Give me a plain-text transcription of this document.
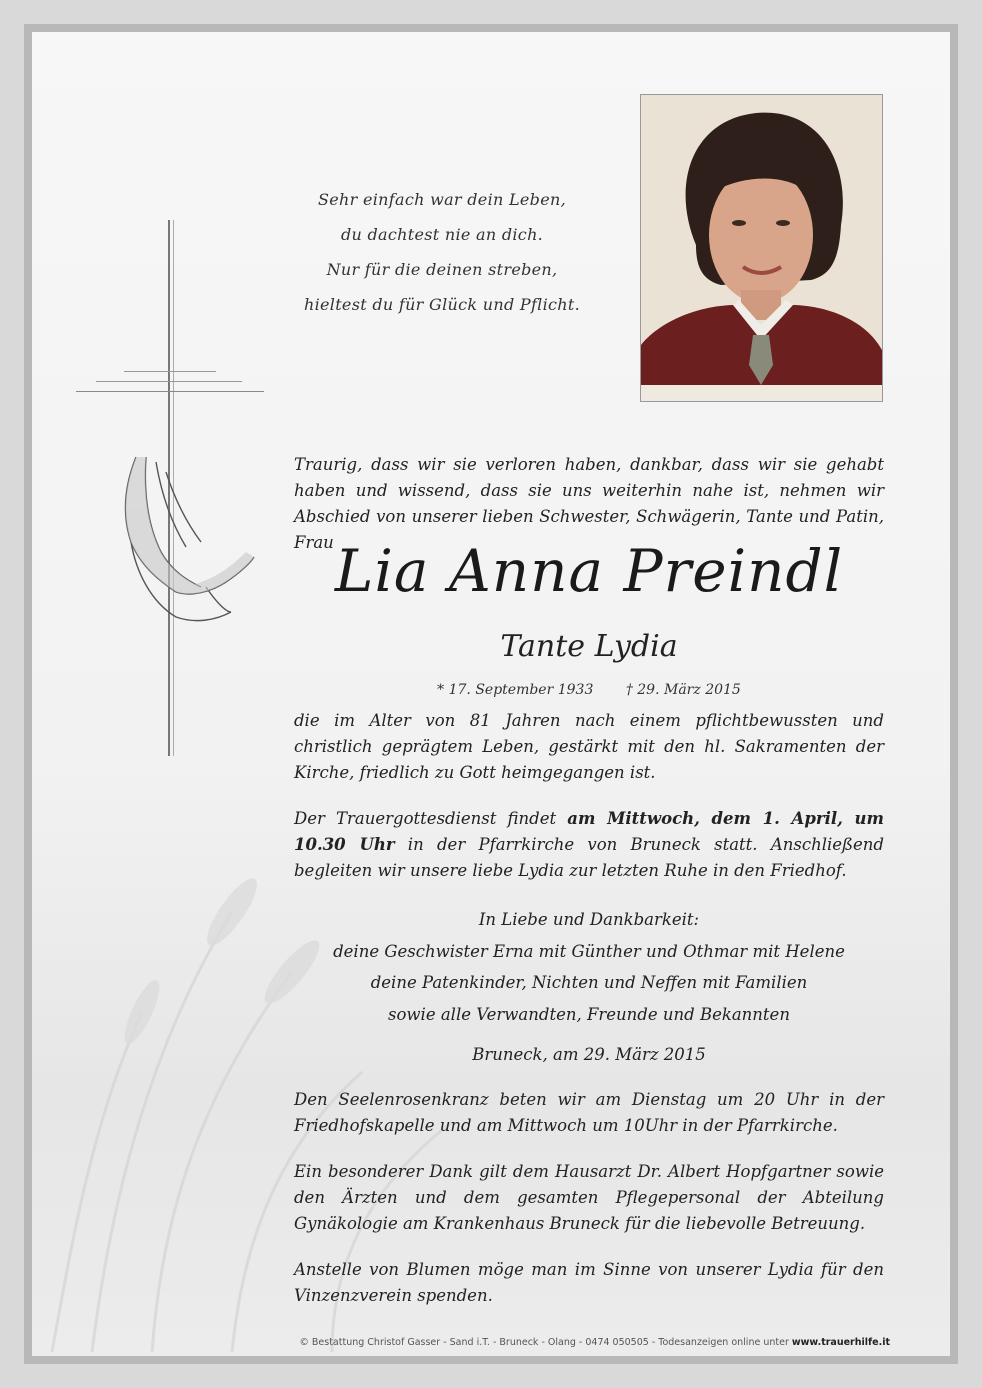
Sehr einfach war dein Leben,
du dachtest nie an dich.
Nur für die deinen streben,
hieltest du für Glück und Pflicht.
Traurig, dass wir sie verloren haben, dankbar, dass wir sie gehabt haben und wissend, dass sie uns weiterhin nahe ist, nehmen wir Abschied von unserer lieben Schwester, Schwägerin, Tante und Patin, Frau Lia Anna Preindl
Tante Lydia
* 17. September 1933 † 29. März 2015
die im Alter von 81 Jahren nach einem pflichtbewussten und christlich geprägtem Leben, gestärkt mit den hl. Sakramenten der Kirche, friedlich zu Gott heimgegangen ist.
Der Trauergottesdienst findet am Mittwoch, dem 1. April, um 10.30 Uhr in der Pfarrkirche von Bruneck statt. Anschließend begleiten wir unsere liebe Lydia zur letzten Ruhe in den Friedhof.
In Liebe und Dankbarkeit:
deine Geschwister Erna mit Günther und Othmar mit Helene
deine Patenkinder, Nichten und Neffen mit Familien
sowie alle Verwandten, Freunde und Bekannten
Bruneck, am 29. März 2015
Den Seelenrosenkranz beten wir am Dienstag um 20 Uhr in der Friedhofskapelle und am Mittwoch um 10Uhr in der Pfarrkirche.
Ein besonderer Dank gilt dem Hausarzt Dr. Albert Hopfgartner sowie den Ärzten und dem gesamten Pflegepersonal der Abteilung Gynäkologie am Krankenhaus Bruneck für die liebevolle Betreuung.
Anstelle von Blumen möge man im Sinne von unserer Lydia für den Vinzenzverein spenden.
© Bestattung Christof Gasser - Sand i.T. - Bruneck - Olang - 0474 050505 - Todesanzeigen online unter www.trauerhilfe.it
